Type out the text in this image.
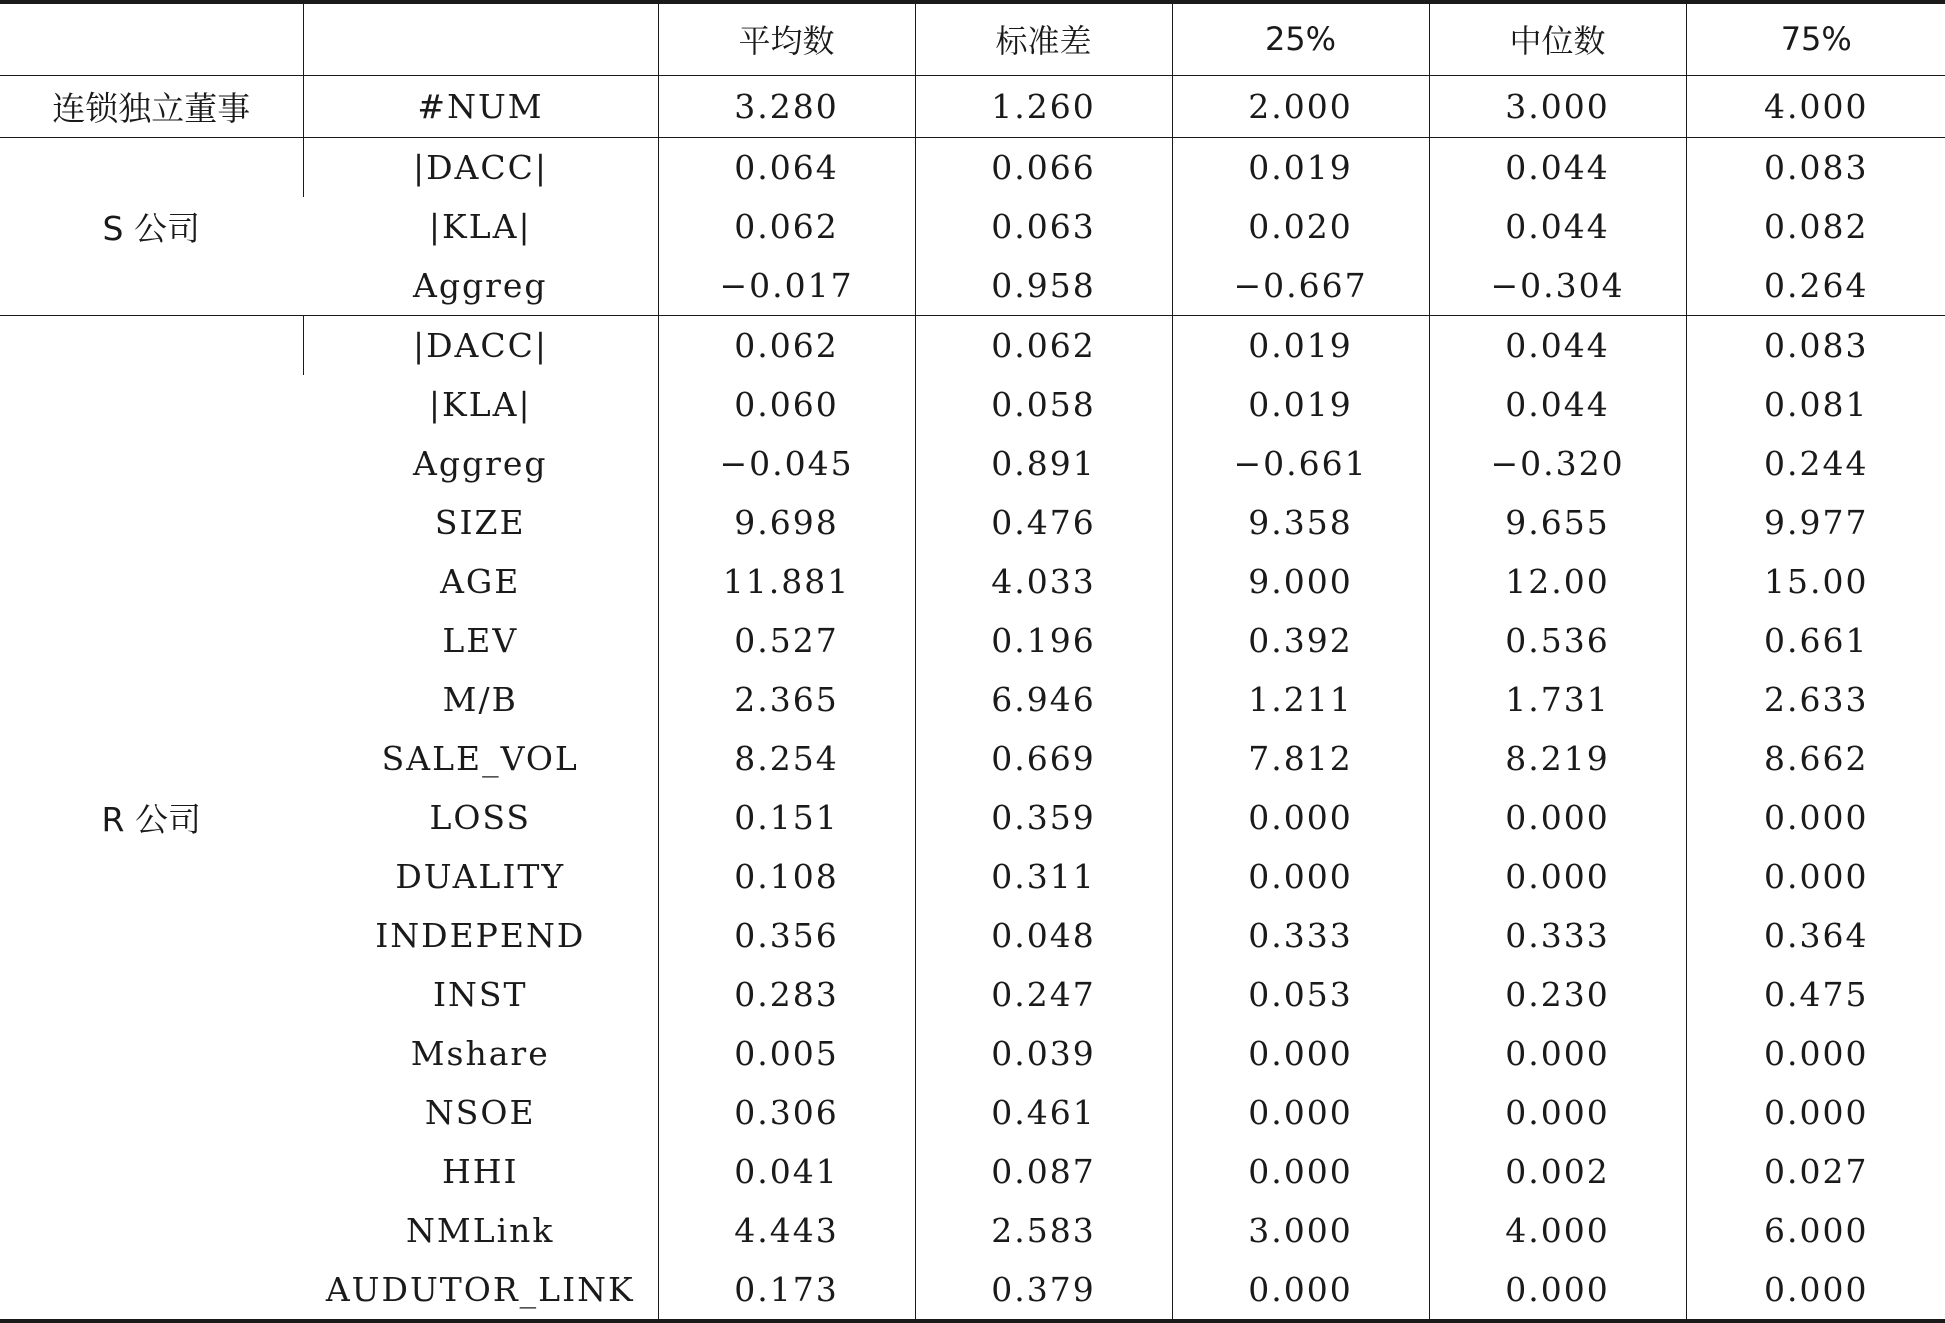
		平均数	标准差	25%	中位数	75%
连锁独立董事	#NUM	3.280	1.260	2.000	3.000	4.000
S 公司	|DACC|	0.064	0.066	0.019	0.044	0.083
	|KLA|	0.062	0.063	0.020	0.044	0.082
	Aggreg	−0.017	0.958	−0.667	−0.304	0.264
R 公司	|DACC|	0.062	0.062	0.019	0.044	0.083
	|KLA|	0.060	0.058	0.019	0.044	0.081
	Aggreg	−0.045	0.891	−0.661	−0.320	0.244
	SIZE	9.698	0.476	9.358	9.655	9.977
	AGE	11.881	4.033	9.000	12.00	15.00
	LEV	0.527	0.196	0.392	0.536	0.661
	M/B	2.365	6.946	1.211	1.731	2.633
	SALE_VOL	8.254	0.669	7.812	8.219	8.662
	LOSS	0.151	0.359	0.000	0.000	0.000
	DUALITY	0.108	0.311	0.000	0.000	0.000
	INDEPEND	0.356	0.048	0.333	0.333	0.364
	INST	0.283	0.247	0.053	0.230	0.475
	Mshare	0.005	0.039	0.000	0.000	0.000
	NSOE	0.306	0.461	0.000	0.000	0.000
	HHI	0.041	0.087	0.000	0.002	0.027
	NMLink	4.443	2.583	3.000	4.000	6.000
	AUDUTOR_LINK	0.173	0.379	0.000	0.000	0.000
